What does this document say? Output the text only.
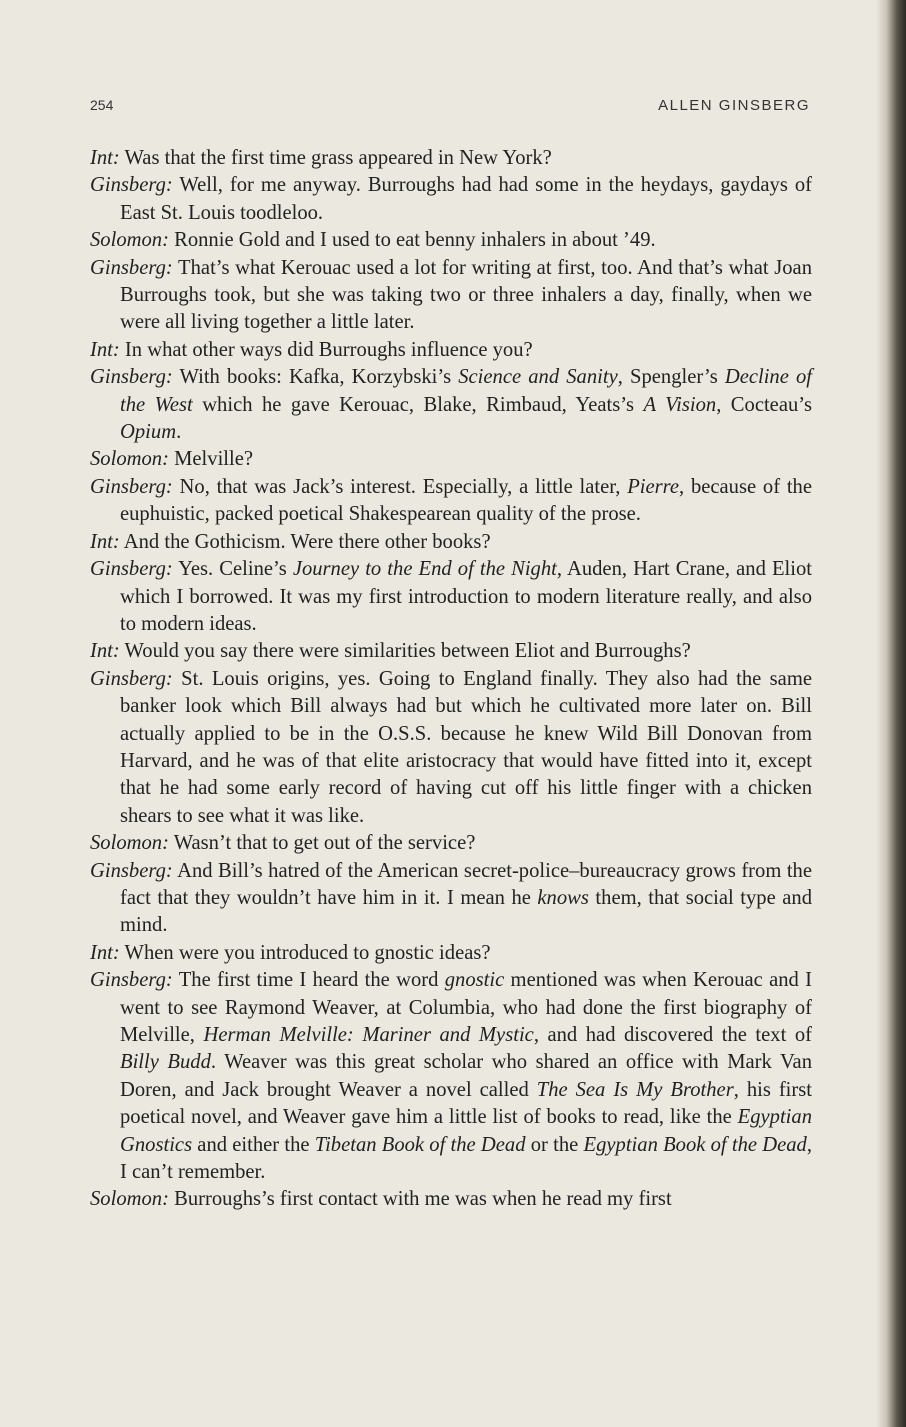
254	ALLEN GINSBERG

Int: Was that the first time grass appeared in New York?

Ginsberg: Well, for me anyway. Burroughs had had some in the heydays, gaydays of East St. Louis toodleloo.

Solomon: Ronnie Gold and I used to eat benny inhalers in about ’49.

Ginsberg: That’s what Kerouac used a lot for writing at first, too. And that’s what Joan Burroughs took, but she was taking two or three inhalers a day, finally, when we were all living together a little later.

Int: In what other ways did Burroughs influence you?

Ginsberg: With books: Kafka, Korzybski’s Science and Sanity, Spengler’s Decline of the West which he gave Kerouac, Blake, Rimbaud, Yeats’s A Vision, Cocteau’s Opium.

Solomon: Melville?

Ginsberg: No, that was Jack’s interest. Especially, a little later, Pierre, because of the euphuistic, packed poetical Shakespearean quality of the prose.

Int: And the Gothicism. Were there other books?

Ginsberg: Yes. Celine’s Journey to the End of the Night, Auden, Hart Crane, and Eliot which I borrowed. It was my first introduction to modern literature really, and also to modern ideas.

Int: Would you say there were similarities between Eliot and Burroughs?

Ginsberg: St. Louis origins, yes. Going to England finally. They also had the same banker look which Bill always had but which he cultivated more later on. Bill actually applied to be in the O.S.S. because he knew Wild Bill Donovan from Harvard, and he was of that elite aristocracy that would have fitted into it, except that he had some early record of having cut off his little finger with a chicken shears to see what it was like.

Solomon: Wasn’t that to get out of the service?

Ginsberg: And Bill’s hatred of the American secret-police–bureaucracy grows from the fact that they wouldn’t have him in it. I mean he knows them, that social type and mind.

Int: When were you introduced to gnostic ideas?

Ginsberg: The first time I heard the word gnostic mentioned was when Kerouac and I went to see Raymond Weaver, at Columbia, who had done the first biography of Melville, Herman Melville: Mariner and Mystic, and had discovered the text of Billy Budd. Weaver was this great scholar who shared an office with Mark Van Doren, and Jack brought Weaver a novel called The Sea Is My Brother, his first poetical novel, and Weaver gave him a little list of books to read, like the Egyptian Gnostics and either the Tibetan Book of the Dead or the Egyptian Book of the Dead, I can’t remember.

Solomon: Burroughs’s first contact with me was when he read my first
